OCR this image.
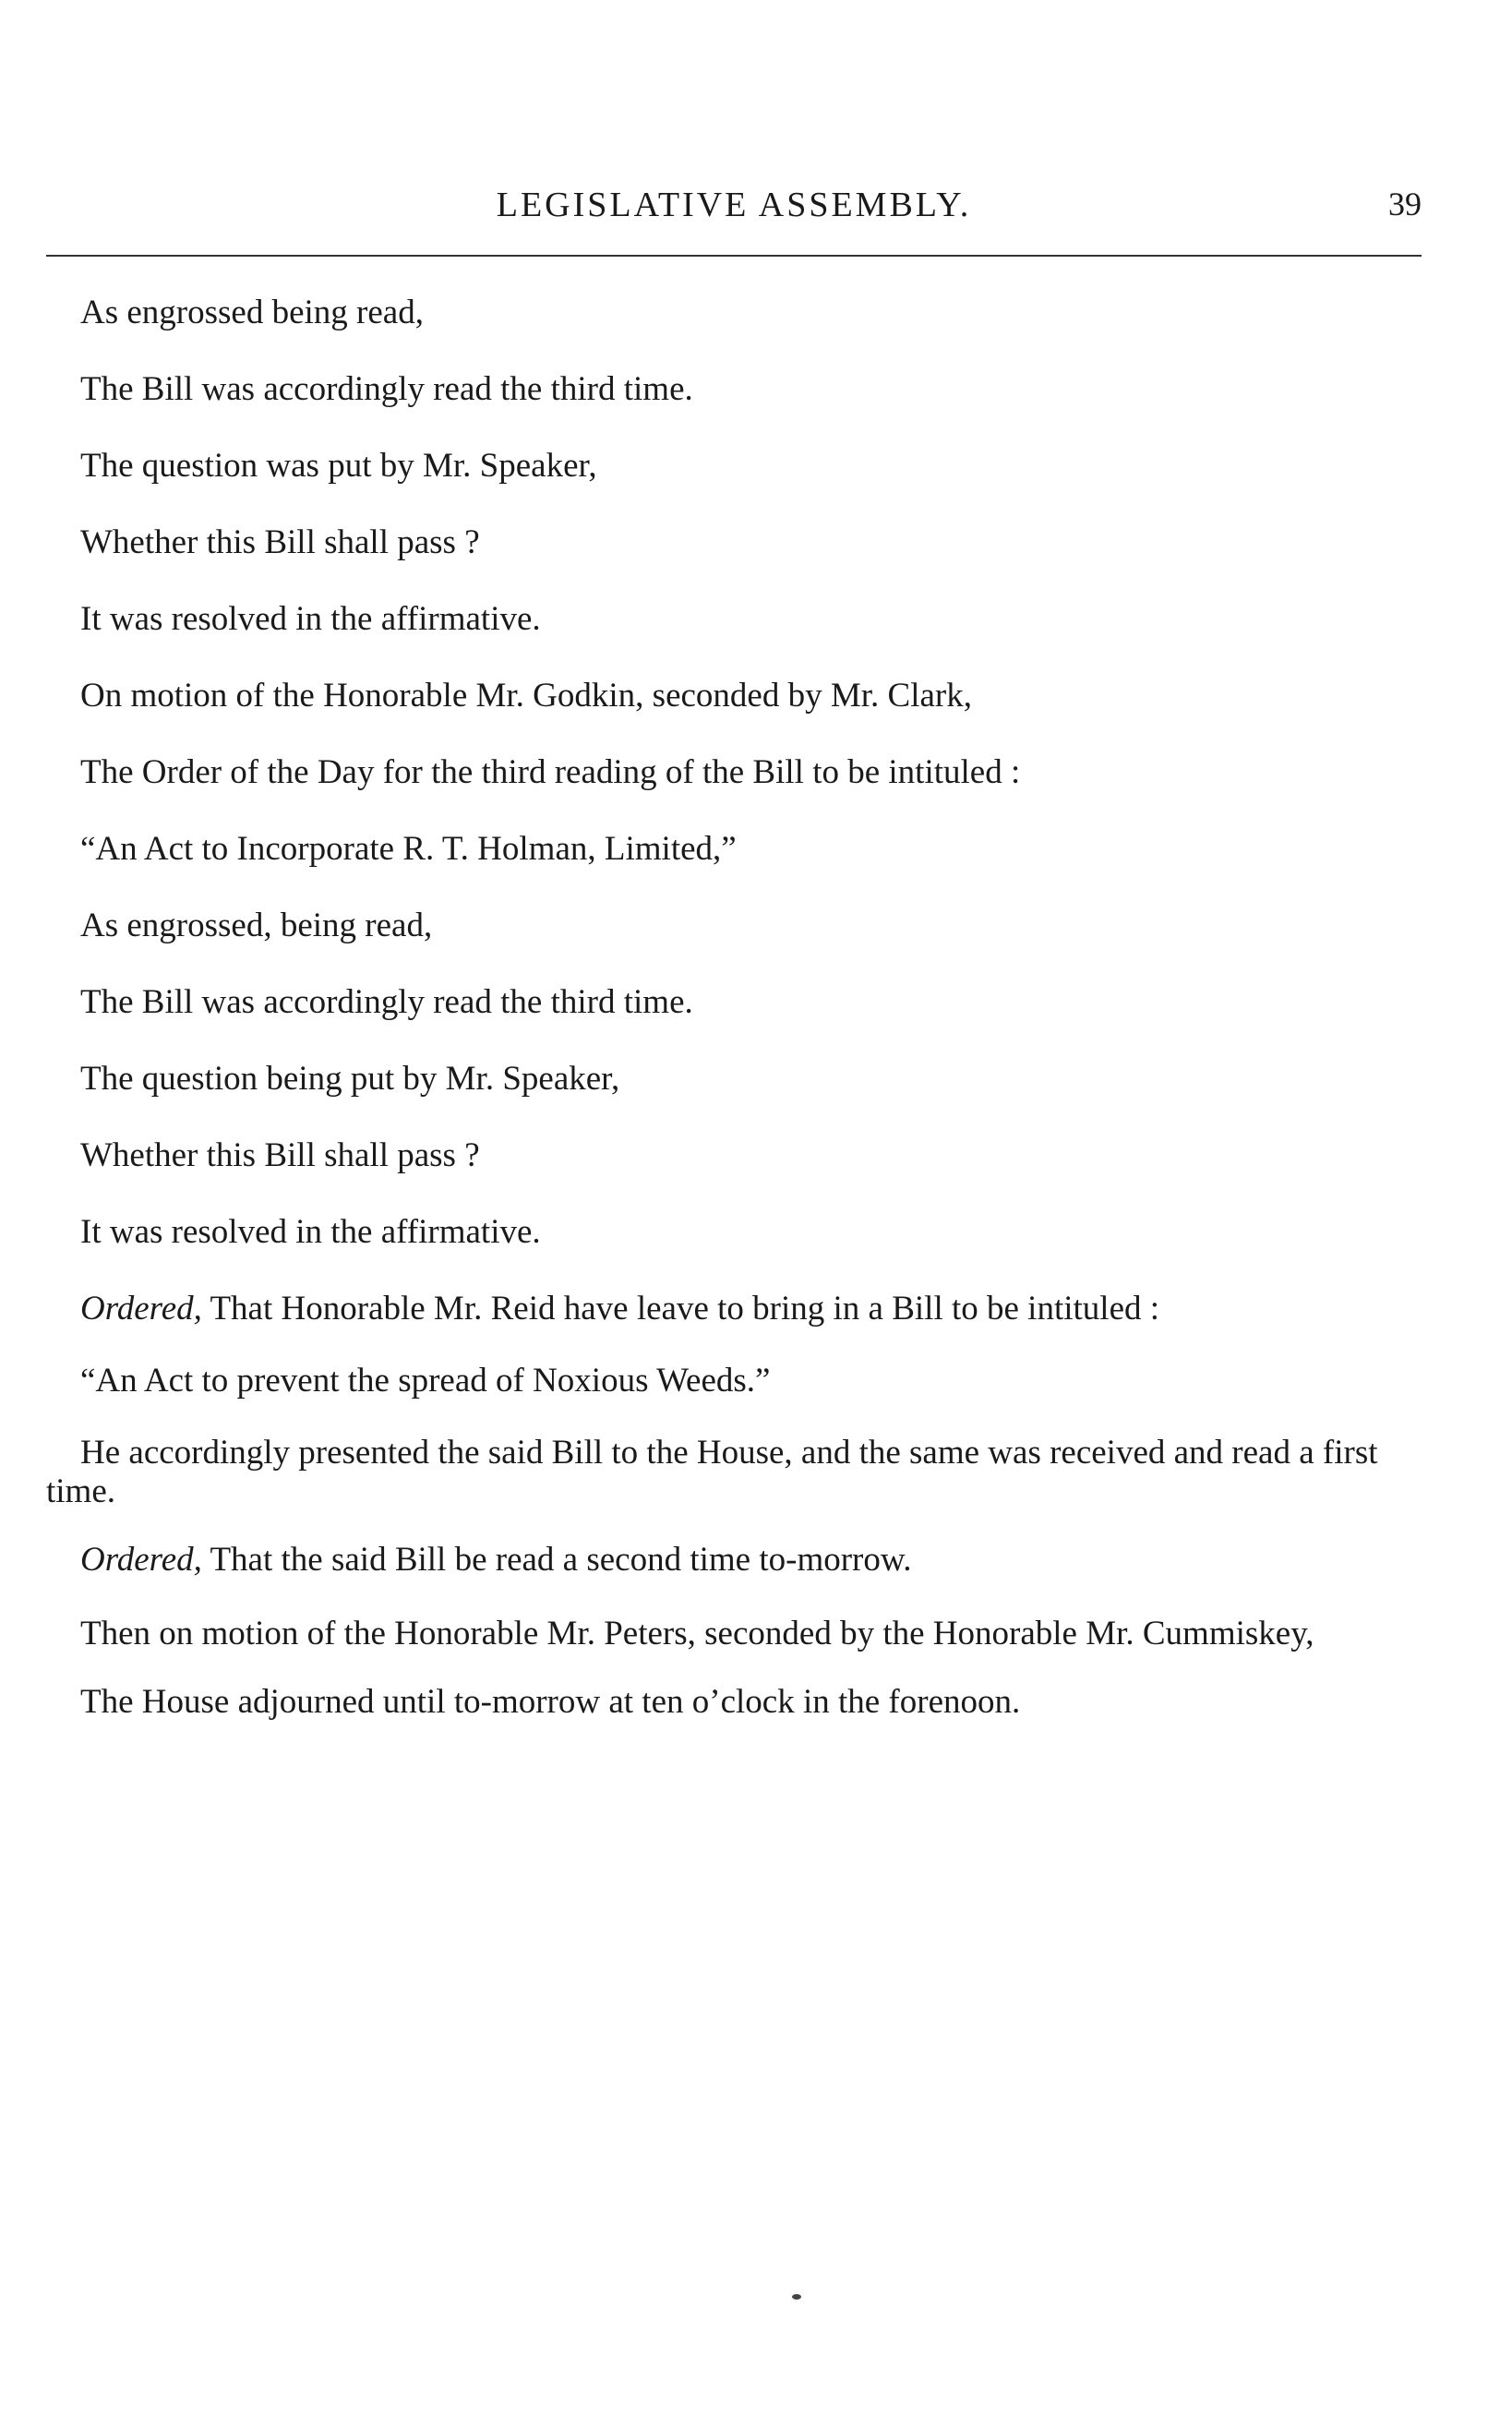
LEGISLATIVE ASSEMBLY.	39

As engrossed being read,

The Bill was accordingly read the third time.

The question was put by Mr. Speaker,

Whether this Bill shall pass ?

It was resolved in the affirmative.

On motion of the Honorable Mr. Godkin, seconded by Mr. Clark,

The Order of the Day for the third reading of the Bill to be intituled :

“An Act to Incorporate R. T. Holman, Limited,”

As engrossed, being read,

The Bill was accordingly read the third time.

The question being put by Mr. Speaker,

Whether this Bill shall pass ?

It was resolved in the affirmative.

Ordered, That Honorable Mr. Reid have leave to bring in a Bill to be intituled :

“An Act to prevent the spread of Noxious Weeds.”

He accordingly presented the said Bill to the House, and the same was received and read a first time.

Ordered, That the said Bill be read a second time to-morrow.

Then on motion of the Honorable Mr. Peters, seconded by the Honorable Mr. Cummiskey,

The House adjourned until to-morrow at ten o’clock in the forenoon.
